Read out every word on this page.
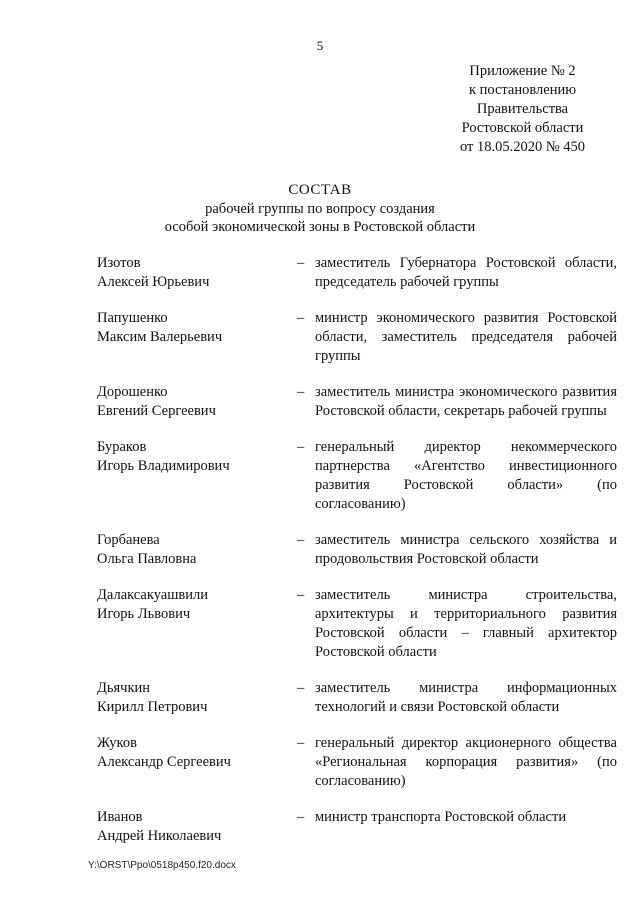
5
Приложение № 2
к постановлению
Правительства
Ростовской области
от 18.05.2020 № 450
СОСТАВ
рабочей группы по вопросу создания
особой экономической зоны в Ростовской области
Изотов
Алексей Юрьевич
– заместитель Губернатора Ростовской области, председатель рабочей группы
Папушенко
Максим Валерьевич
– министр экономического развития Ростовской области, заместитель председателя рабочей группы
Дорошенко
Евгений Сергеевич
– заместитель министра экономического развития Ростовской области, секретарь рабочей группы
Бураков
Игорь Владимирович
– генеральный директор некоммерческого партнерства «Агентство инвестиционного развития Ростовской области» (по согласованию)
Горбанева
Ольга Павловна
– заместитель министра сельского хозяйства и продовольствия Ростовской области
Далаксакуашвили
Игорь Львович
– заместитель министра строительства, архитектуры и территориального развития Ростовской области – главный архитектор Ростовской области
Дьячкин
Кирилл Петрович
– заместитель министра информационных технологий и связи Ростовской области
Жуков
Александр Сергеевич
– генеральный директор акционерного общества «Региональная корпорация развития» (по согласованию)
Иванов
Андрей Николаевич
– министр транспорта Ростовской области
Y:\ORST\Ppo\0518p450.f20.docx
